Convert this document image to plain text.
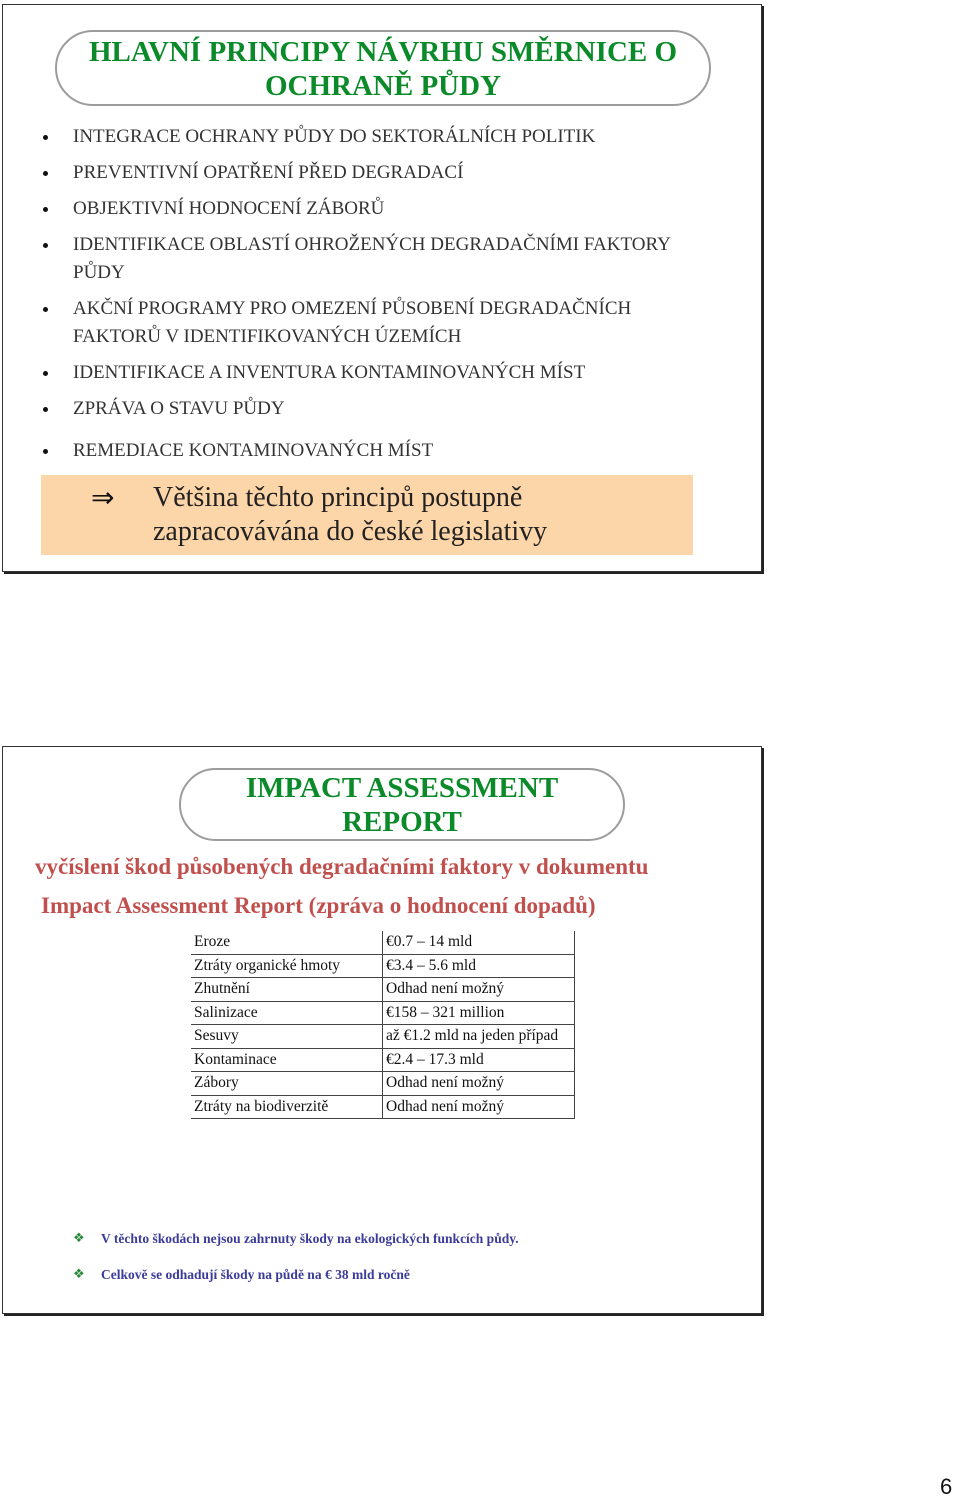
HLAVNÍ PRINCIPY NÁVRHU SMĚRNICE O OCHRANĚ PŮDY
INTEGRACE OCHRANY PŮDY DO SEKTORÁLNÍCH POLITIK
PREVENTIVNÍ OPATŘENÍ PŘED DEGRADACÍ
OBJEKTIVNÍ HODNOCENÍ ZÁBORŮ
IDENTIFIKACE OBLASTÍ OHROŽENÝCH DEGRADAČNÍMI FAKTORY PŮDY
AKČNÍ PROGRAMY PRO OMEZENÍ PŮSOBENÍ DEGRADAČNÍCH FAKTORŮ V IDENTIFIKOVANÝCH ÚZEMÍCH
IDENTIFIKACE A INVENTURA KONTAMINOVANÝCH MÍST
ZPRÁVA O STAVU PŮDY
REMEDIACE KONTAMINOVANÝCH MÍST
⇒ Většina těchto principů postupně zapracovávána do české legislativy
IMPACT ASSESSMENT REPORT
vyčíslení škod působených degradačními faktory v dokumentu
Impact Assessment Report (zpráva o hodnocení dopadů)
Eroze	€0.7 – 14 mld
Ztráty organické hmoty	€3.4 – 5.6 mld
Zhutnění	Odhad není možný
Salinizace	€158 – 321 million
Sesuvy	až €1.2 mld na jeden případ
Kontaminace	€2.4 – 17.3 mld
Zábory	Odhad není možný
Ztráty na biodiverzitě	Odhad není možný
❖ V těchto škodách nejsou zahrnuty škody na ekologických funkcích půdy.
❖ Celkově se odhadují škody na půdě na € 38 mld ročně
6
